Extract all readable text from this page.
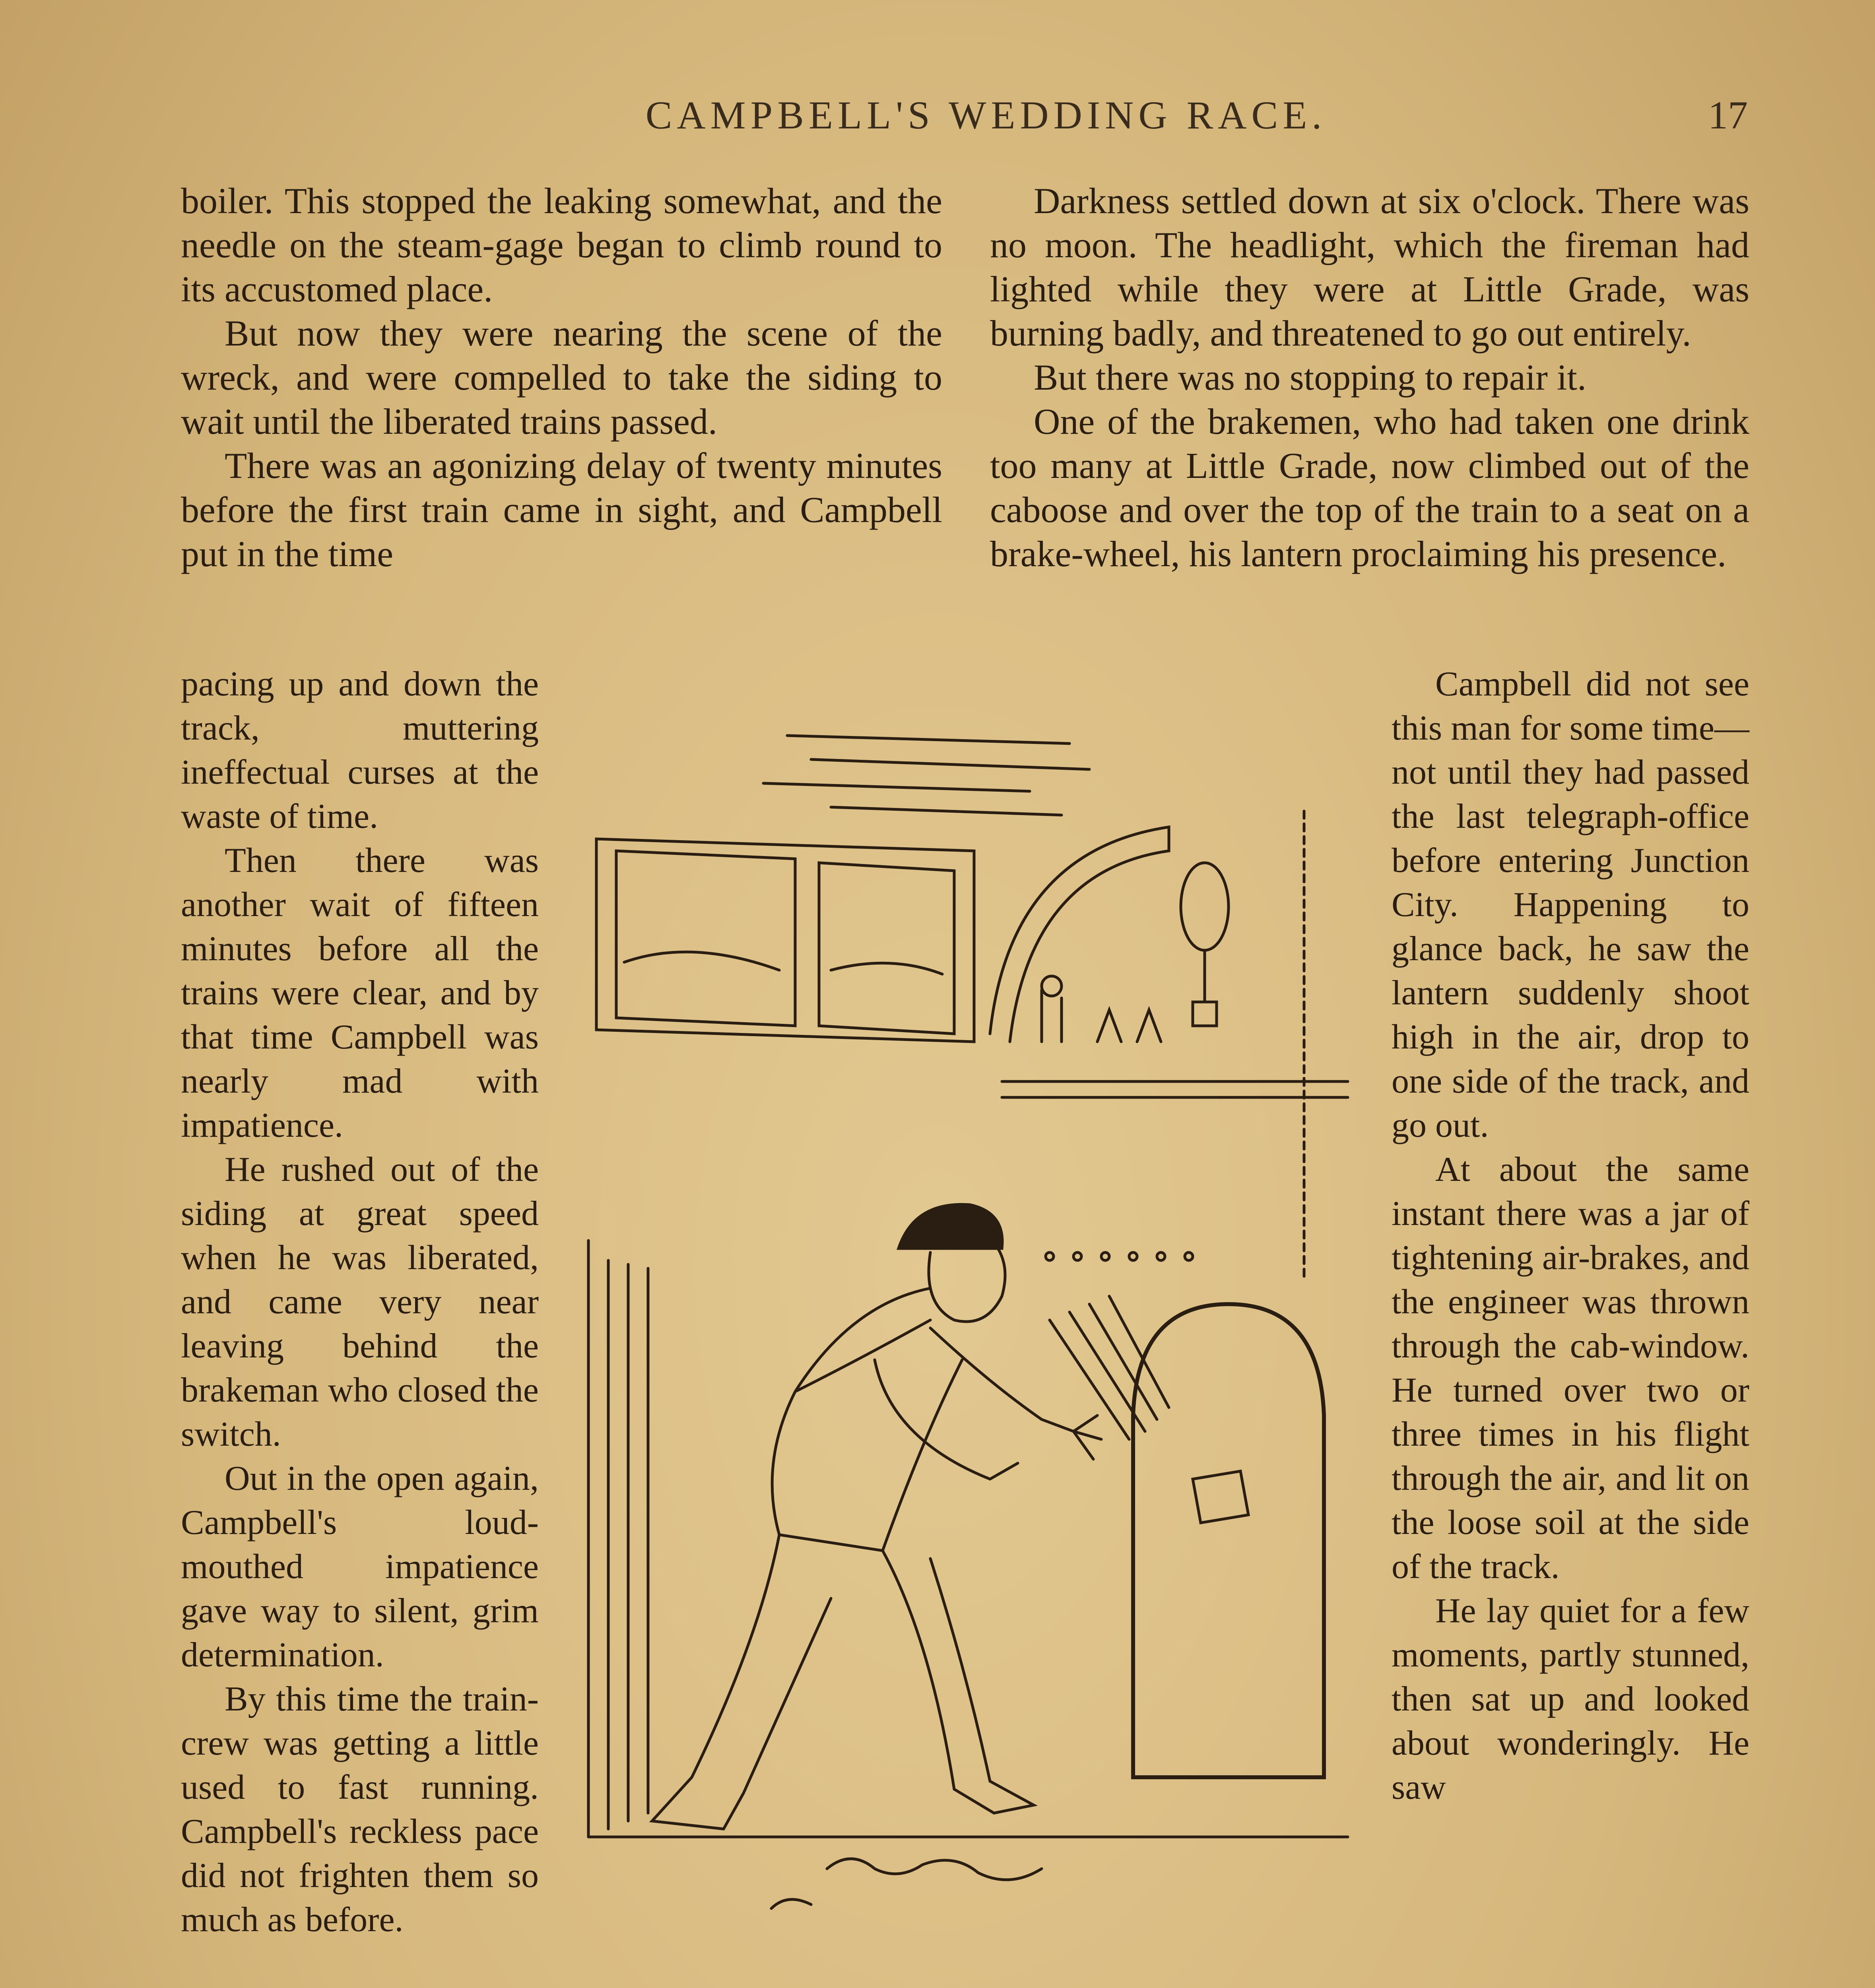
CAMPBELL'S WEDDING RACE.	17

boiler. This stopped the leaking somewhat, and the needle on the steam-gage began to climb round to its accustomed place.

But now they were nearing the scene of the wreck, and were compelled to take the siding to wait until the liberated trains passed.

There was an agonizing delay of twenty minutes before the first train came in sight, and Campbell put in the time

Darkness settled down at six o'clock. There was no moon. The headlight, which the fireman had lighted while they were at Little Grade, was burning badly, and threatened to go out entirely.

But there was no stopping to repair it.

One of the brakemen, who had taken one drink too many at Little Grade, now climbed out of the caboose and over the top of the train to a seat on a brake-wheel, his lantern proclaiming his presence.

pacing up and down the track, muttering ineffectual curses at the waste of time.

Then there was another wait of fifteen minutes before all the trains were clear, and by that time Campbell was nearly mad with impatience.

He rushed out of the siding at great speed when he was liberated, and came very near leaving behind the brakeman who closed the switch.

Out in the open again, Campbell's loud-mouthed impatience gave way to silent, grim determination.

By this time the train-crew was getting a little used to fast running. Campbell's reckless pace did not frighten them so much as before.

Campbell did not see this man for some time—not until they had passed the last telegraph-office before entering Junction City. Happening to glance back, he saw the lantern suddenly shoot high in the air, drop to one side of the track, and go out.

At about the same instant there was a jar of tightening air-brakes, and the engineer was thrown through the cab-window. He turned over two or three times in his flight through the air, and lit on the loose soil at the side of the track.

He lay quiet for a few moments, partly stunned, then sat up and looked about wonderingly. He saw
